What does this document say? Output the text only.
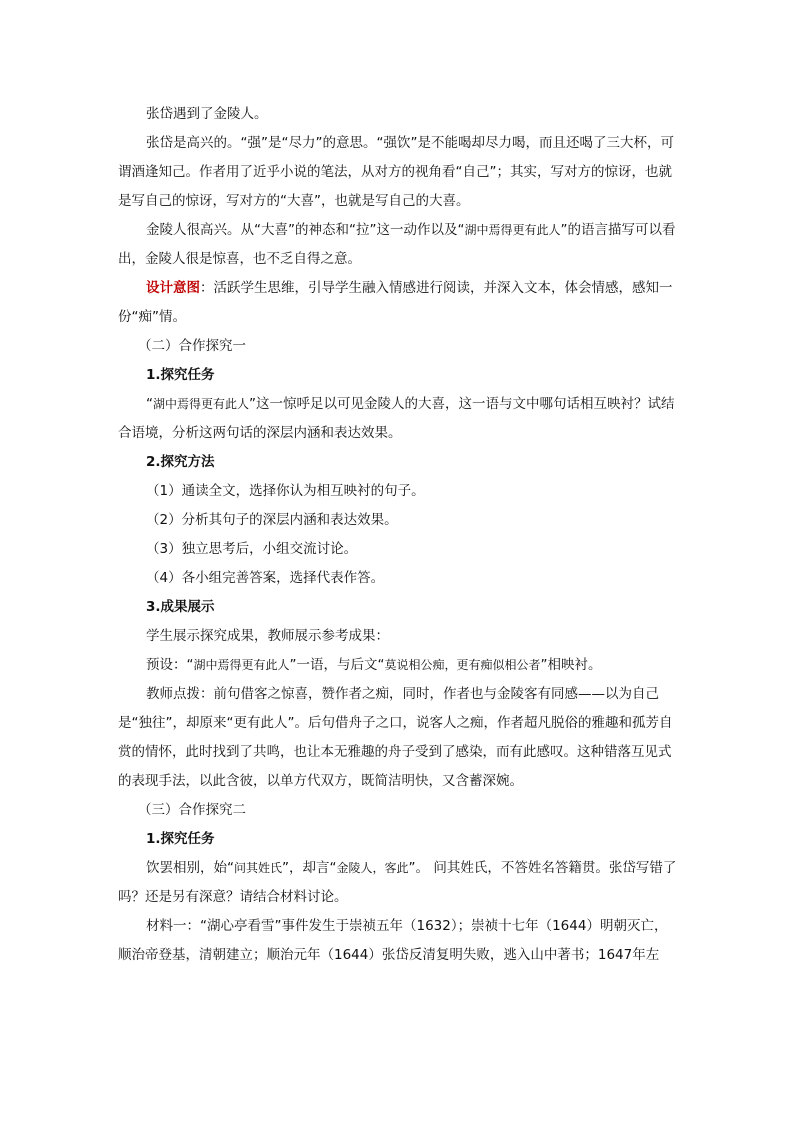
张岱遇到了金陵人。

张岱是高兴的。“强”是“尽力”的意思。“强饮”是不能喝却尽力喝，而且还喝了三大杯，可谓酒逢知己。作者用了近乎小说的笔法，从对方的视角看“自己”；其实，写对方的惊讶，也就是写自己的惊讶，写对方的“大喜”，也就是写自己的大喜。

金陵人很高兴。从“大喜”的神态和“拉”这一动作以及“湖中焉得更有此人”的语言描写可以看出，金陵人很是惊喜，也不乏自得之意。

设计意图：活跃学生思维，引导学生融入情感进行阅读，并深入文本，体会情感，感知一份“痴”情。

（二）合作探究一

1.探究任务

“湖中焉得更有此人”这一惊呼足以可见金陵人的大喜，这一语与文中哪句话相互映衬？试结合语境，分析这两句话的深层内涵和表达效果。

2.探究方法

（1）通读全文，选择你认为相互映衬的句子。

（2）分析其句子的深层内涵和表达效果。

（3）独立思考后，小组交流讨论。

（4）各小组完善答案，选择代表作答。

3.成果展示

学生展示探究成果，教师展示参考成果：

预设：“湖中焉得更有此人”一语，与后文“莫说相公痴，更有痴似相公者”相映衬。

教师点拨：前句借客之惊喜，赞作者之痴，同时，作者也与金陵客有同感——以为自己是“独往”，却原来“更有此人”。后句借舟子之口，说客人之痴，作者超凡脱俗的雅趣和孤芳自赏的情怀，此时找到了共鸣，也让本无雅趣的舟子受到了感染，而有此感叹。这种错落互见式的表现手法，以此含彼，以单方代双方，既简洁明快，又含蓄深婉。

（三）合作探究二

1.探究任务

饮罢相别，始“问其姓氏”，却言“金陵人，客此”。 问其姓氏，不答姓名答籍贯。张岱写错了吗？还是另有深意？请结合材料讨论。

材料一：“湖心亭看雪”事件发生于崇祯五年（1632）；崇祯十七年（1644）明朝灭亡，顺治帝登基，清朝建立；顺治元年（1644）张岱反清复明失败，逃入山中著书；1647年左
